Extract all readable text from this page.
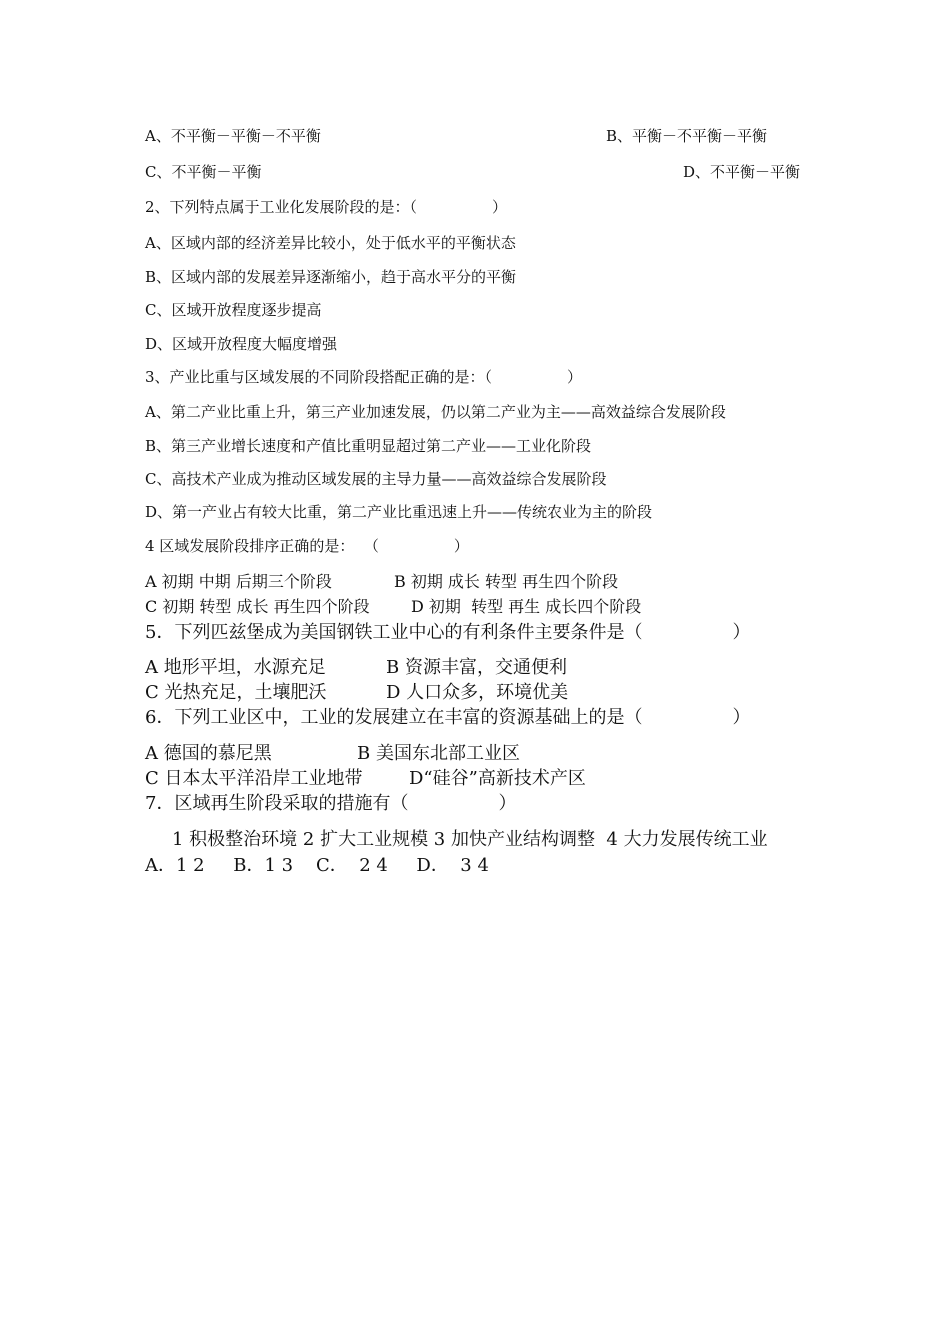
A、不平衡－平衡－不平衡	B、平衡－不平衡－平衡
C、不平衡－平衡	D、不平衡－平衡
2、下列特点属于工业化发展阶段的是：（　　　　　）
A、区域内部的经济差异比较小，处于低水平的平衡状态
B、区域内部的发展差异逐渐缩小，趋于高水平分的平衡
C、区域开放程度逐步提高
D、区域开放程度大幅度增强
3、产业比重与区域发展的不同阶段搭配正确的是：（　　　　　）
A、第二产业比重上升，第三产业加速发展，仍以第二产业为主——高效益综合发展阶段
B、第三产业增长速度和产值比重明显超过第二产业——工业化阶段
C、高技术产业成为推动区域发展的主导力量——高效益综合发展阶段
D、第一产业占有较大比重，第二产业比重迅速上升——传统农业为主的阶段
4 区域发展阶段排序正确的是：  （　　　　　）
A 初期 中期 后期三个阶段	B 初期 成长 转型 再生四个阶段
C 初期 转型 成长 再生四个阶段	D 初期  转型 再生 成长四个阶段
5．下列匹兹堡成为美国钢铁工业中心的有利条件主要条件是（　　　　　）
A 地形平坦，水源充足	B 资源丰富，交通便利
C 光热充足，土壤肥沃	D 人口众多，环境优美
6．下列工业区中，工业的发展建立在丰富的资源基础上的是（　　　　　）
A 德国的慕尼黑	B 美国东北部工业区
C 日本太平洋沿岸工业地带	D“硅谷”高新技术产区
7．区域再生阶段采取的措施有（　　　　　）
1 积极整治环境 2 扩大工业规模 3 加快产业结构调整  4 大力发展传统工业
A．1 2     B．1 3    C．  2 4     D．  3 4
